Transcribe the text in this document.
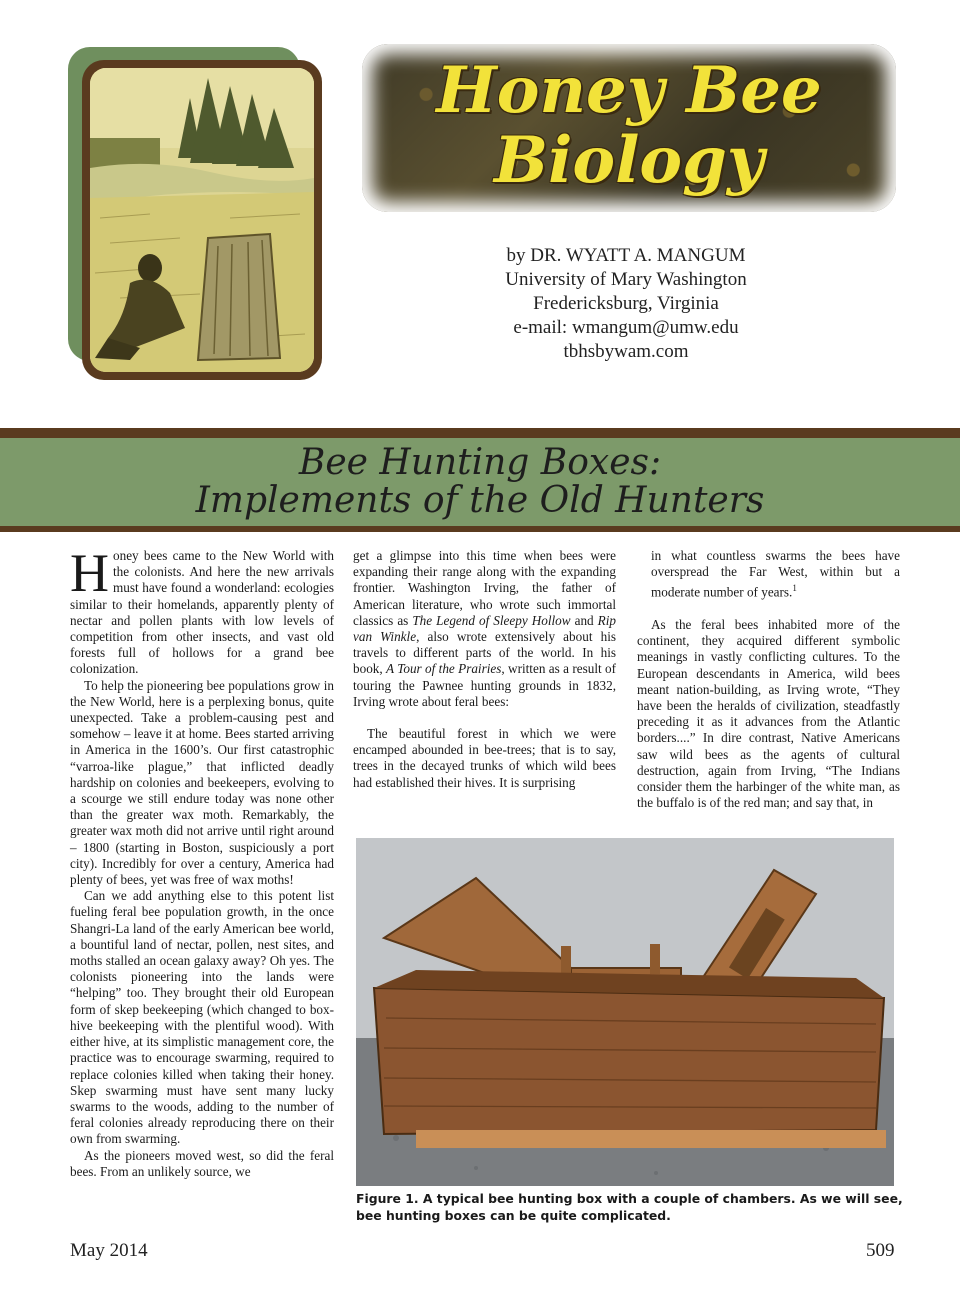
Honey Bee
Biology
by DR. WYATT A. MANGUM
University of Mary Washington
Fredericksburg, Virginia
e-mail: wmangum@umw.edu
tbhsbywam.com
Bee Hunting Boxes:
Implements of the Old Hunters

Honey bees came to the New World with the colonists. And here the new arrivals must have found a wonderland: ecologies similar to their homelands, apparently plenty of nectar and pollen plants with low levels of competition from other insects, and vast old forests full of hollows for a grand bee colonization.

To help the pioneering bee populations grow in the New World, here is a perplexing bonus, quite unexpected. Take a problem-causing pest and somehow – leave it at home. Bees started arriving in America in the 1600’s. Our first catastrophic “varroa-like plague,” that inflicted deadly hardship on colonies and beekeepers, evolving to a scourge we still endure today was none other than the greater wax moth. Remarkably, the greater wax moth did not arrive until right around – 1800 (starting in Boston, suspiciously a port city). Incredibly for over a century, America had plenty of bees, yet was free of wax moths!

Can we add anything else to this potent list fueling feral bee population growth, in the once Shangri-La land of the early American bee world, a bountiful land of nectar, pollen, nest sites, and moths stalled an ocean galaxy away? Oh yes. The colonists pioneering into the lands were “helping” too. They brought their old European form of skep beekeeping (which changed to box-hive beekeeping with the plentiful wood). With either hive, at its simplistic management core, the practice was to encourage swarming, required to replace colonies killed when taking their honey. Skep swarming must have sent many lucky swarms to the woods, adding to the number of feral colonies already reproducing there on their own from swarming.

As the pioneers moved west, so did the feral bees. From an unlikely source, we

get a glimpse into this time when bees were expanding their range along with the expanding frontier. Washington Irving, the father of American literature, who wrote such immortal classics as The Legend of Sleepy Hollow and Rip van Winkle, also wrote extensively about his travels to different parts of the world. In his book, A Tour of the Prairies, written as a result of touring the Pawnee hunting grounds in 1832, Irving wrote about feral bees:

The beautiful forest in which we were encamped abounded in bee-trees; that is to say, trees in the decayed trunks of which wild bees had established their hives. It is surprising

in what countless swarms the bees have overspread the Far West, within but a moderate number of years.$^1$

As the feral bees inhabited more of the continent, they acquired different symbolic meanings in vastly conflicting cultures. To the European descendants in America, wild bees meant nation-building, as Irving wrote, “They have been the heralds of civilization, steadfastly preceding it as it advances from the Atlantic borders....” In dire contrast, Native Americans saw wild bees as the agents of cultural destruction, again from Irving, “The Indians consider them the harbinger of the white man, as the buffalo is of the red man; and say that, in

Figure 1. A typical bee hunting box with a couple of chambers. As we will see,
bee hunting boxes can be quite complicated.
May 2014	509
